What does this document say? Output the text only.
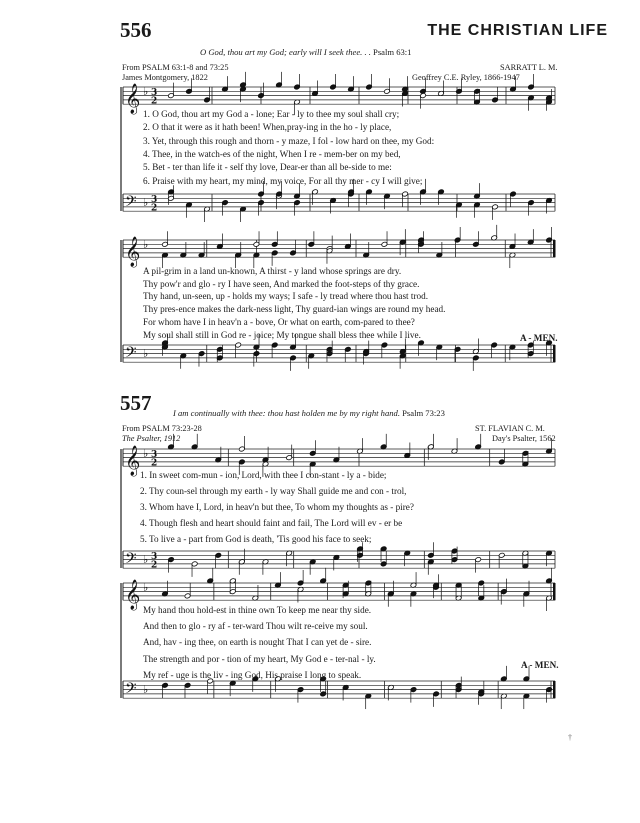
556	THE CHRISTIAN LIFE
O God, thou art my God; early will I seek thee. . . Psalm 63:1
From PSALM 63:1-8 and 73:25
James Montgomery, 1822
SARRATT L. M.
Geoffrey C.E. Ryley, 1866-1947
557	I am continually with thee: thou hast holden me by my right hand. Psalm 73:23
From PSALM 73:23-28
The Psalter, 1912
ST. FLAVIAN C. M.
Day's Psalter, 1562
𝄞 ♭ 3
2
𝄢 ♭ 3
2
𝄞 ♭
𝄢 ♭
𝄞 ♭ 3
2
𝄢 ♭ 3
2
𝄞 ♭
𝄢 ♭
1. O God, thou art my God a - lone; Ear - ly to thee my soul shall cry;
2. O that it were as it hath been! When,pray-ing in the ho - ly place,
3. Yet, through this rough and thorn - y maze, I fol - low hard on thee, my God:
4. Thee, in the watch-es of the night, When I re - mem-ber on my bed,
5. Bet - ter than life it - self thy love, Dear-er than all be-side to me:
6. Praise with my heart, my mind, my voice, For all thy mer - cy I will give;
A pil-grim in a land un-known, A thirst - y land whose springs are dry.
Thy pow'r and glo - ry I have seen, And marked the foot-steps of thy grace.
Thy hand, un-seen, up - holds my ways; I safe - ly tread where thou hast trod.
Thy pres-ence makes the dark-ness light, Thy guard-ian wings are round my head.
For whom have I in heav'n a - bove, Or what on earth, com-pared to thee?
My soul shall still in God re - joice; My tongue shall bless thee while I live.
1. In sweet com-mun - ion, Lord, with thee I con-stant - ly a - bide;
2. Thy coun-sel through my earth - ly way Shall guide me and con - trol,
3. Whom have I, Lord, in heav'n but thee, To whom my thoughts as - pire?
4. Though flesh and heart should faint and fail, The Lord will ev - er be
5. To live a - part from God is death, 'Tis good his face to seek;
My hand thou hold-est in thine own To keep me near thy side.
And then to glo - ry af - ter-ward Thou wilt re-ceive my soul.
And, hav - ing thee, on earth is nought That I can yet de - sire.
The strength and por - tion of my heart, My God e - ter-nal - ly.
My ref - uge is the liv - ing God, His praise I long to speak.
A - MEN.
A - MEN.
†
